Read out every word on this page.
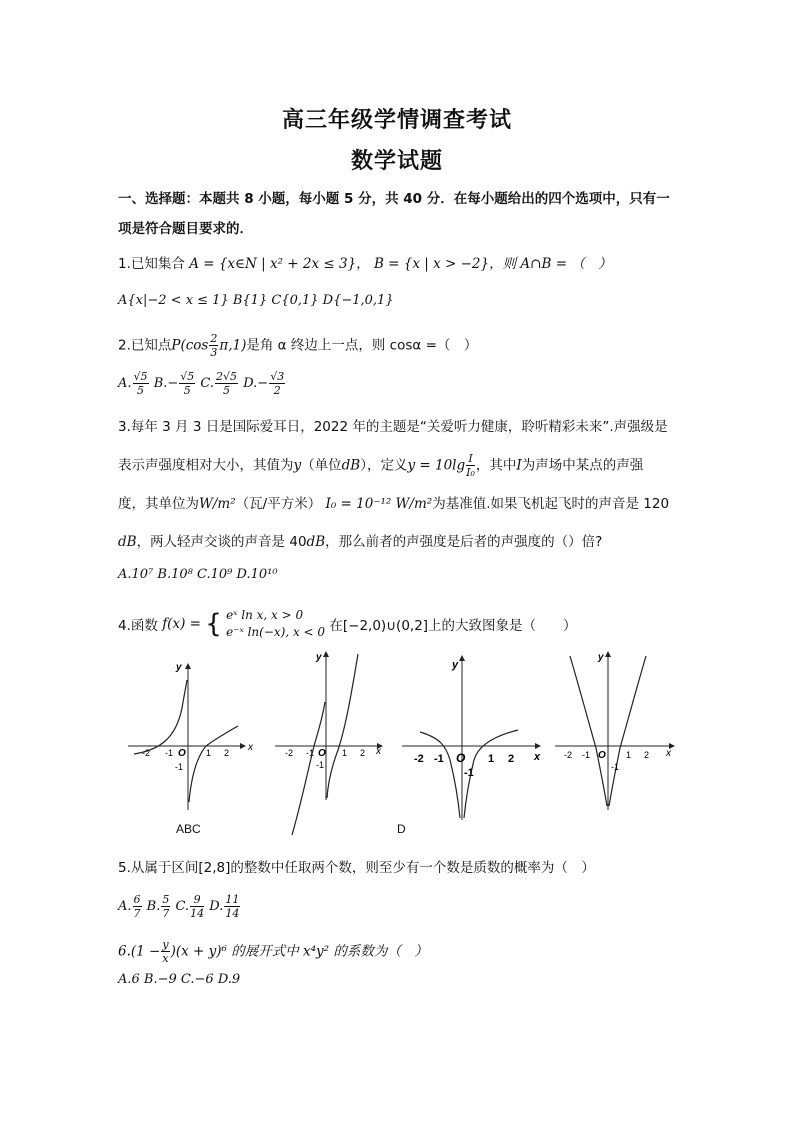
高三年级学情调查考试
数学试题
一、选择题：本题共 8 小题，每小题 5 分，共 40 分．在每小题给出的四个选项中，只有一
项是符合题目要求的．
1.已知集合 A = {x∈N | x² + 2x ≤ 3}， B = {x | x > −2}，则 A∩B = （　）
A{x|−2 < x ≤ 1} B{1} C{0,1} D{−1,0,1}
2.已知点$P(\cos \frac{2}{3} \pi,1)$是角 α 终边上一点，则 cosα =（　）
A. $\frac{√5}{5} B.- \frac{√5}{5} C$. $\frac{2√5}{5} D.- \frac{√3}{2}$
3.每年 3 月 3 日是国际爱耳日，2022 年的主题是“关爱听力健康，聆听精彩未来”.声强级是
表示声强度相对大小，其值为y（单位dB），定义$y = 10\lg \frac{I}{\text{I₀}}$ ，其中I为声场中某点的声强
度，其单位为W/m²（瓦/平方米） I₀ = 10⁻¹² W/m²为基准值.如果飞机起飞时的声音是 120
dB，两人轻声交谈的声音是 40dB，那么前者的声强度是后者的声强度的（）倍?
A.10⁷ B.10⁸ C.10⁹ D.10¹⁰
4.函数 f(x) = { eˣ ln x, x > 0
e⁻ˣ ln(−x), x < 0 在[−2,0)∪(0,2]上的大致图象是（　　）
x
y
-2 -1 O 1 2
-1
x
y
-2 -1 O 1 2
-1
x
y
-2 -1 O 1 2
-1
x
y
-2 -1 O 1 2
-1
ABC	D
5.从属于区间[2,8]的整数中任取两个数，则至少有一个数是质数的概率为（　）
A. $\frac{6}{7} B$. $\frac{5}{7} C$. $\frac{9}{14} D$. $\frac{11}{14}$
$6.(1 - \frac{y}{x} )(x + y)^6$ 的展开式中 x⁴y² 的系数为（　）
A.6 B.−9 C.−6 D.9
